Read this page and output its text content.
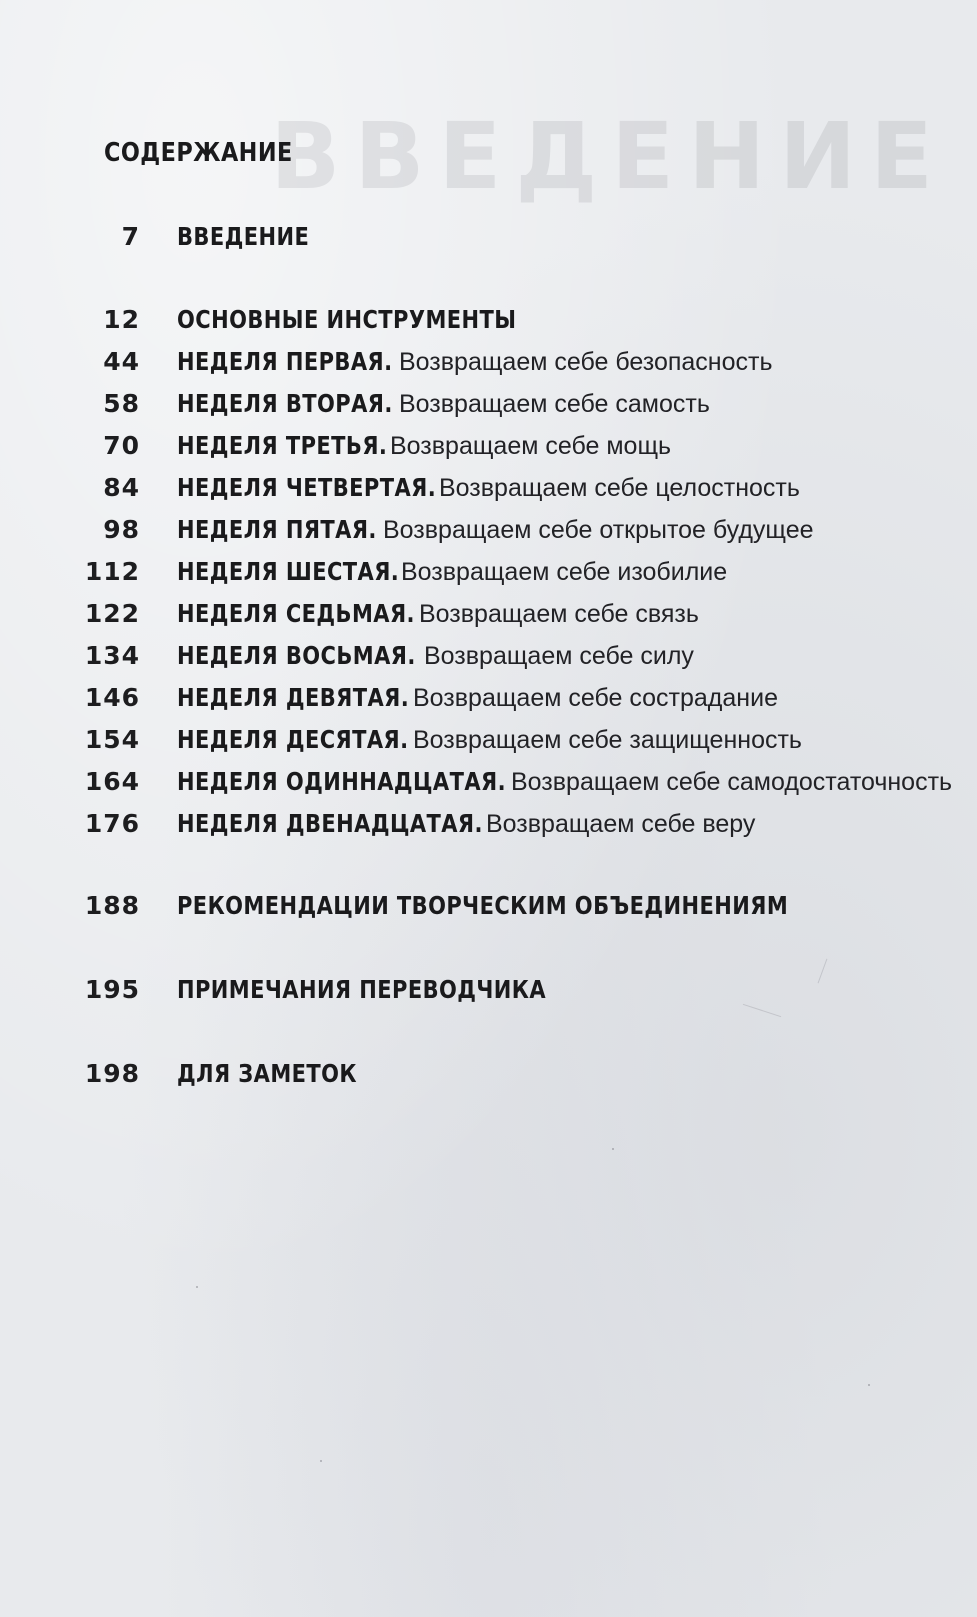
ВВЕДЕНИЕ
СОДЕРЖАНИЕ
7 ВВЕДЕНИЕ
12 ОСНОВНЫЕ ИНСТРУМЕНТЫ
44 НЕДЕЛЯ ПЕРВАЯ. Возвращаем себе безопасность
58 НЕДЕЛЯ ВТОРАЯ. Возвращаем себе самость
70 НЕДЕЛЯ ТРЕТЬЯ. Возвращаем себе мощь
84 НЕДЕЛЯ ЧЕТВЕРТАЯ. Возвращаем себе целостность
98 НЕДЕЛЯ ПЯТАЯ. Возвращаем себе открытое будущее
112 НЕДЕЛЯ ШЕСТАЯ.Возвращаем себе изобилие
122 НЕДЕЛЯ СЕДЬМАЯ. Возвращаем себе связь
134 НЕДЕЛЯ ВОСЬМАЯ. Возвращаем себе силу
146 НЕДЕЛЯ ДЕВЯТАЯ. Возвращаем себе сострадание
154 НЕДЕЛЯ ДЕСЯТАЯ. Возвращаем себе защищенность
164 НЕДЕЛЯ ОДИННАДЦАТАЯ. Возвращаем себе самодостаточность
176 НЕДЕЛЯ ДВЕНАДЦАТАЯ. Возвращаем себе веру
188 РЕКОМЕНДАЦИИ ТВОРЧЕСКИМ ОБЪЕДИНЕНИЯМ
195 ПРИМЕЧАНИЯ ПЕРЕВОДЧИКА
198 ДЛЯ ЗАМЕТОК
